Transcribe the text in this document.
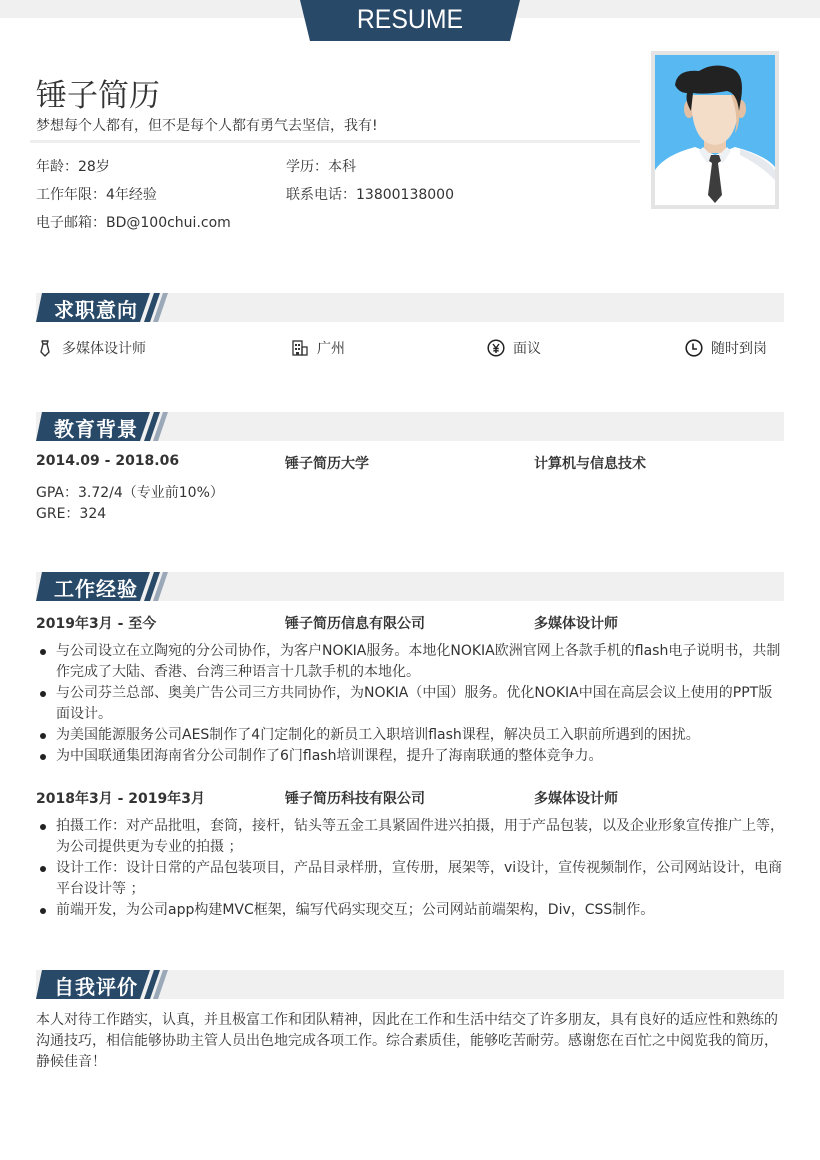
RESUME
锤子简历
梦想每个人都有，但不是每个人都有勇气去坚信，我有!
年龄：28岁	学历：本科
工作年限：4年经验	联系电话：13800138000
电子邮箱：BD@100chui.com
求职意向
多媒体设计师	广州	面议	随时到岗
教育背景
2014.09 - 2018.06	锤子简历大学	计算机与信息技术
GPA：3.72/4（专业前10%）
GRE：324
工作经验
2019年3月 - 至今	锤子简历信息有限公司	多媒体设计师
与公司设立在立陶宛的分公司协作，为客户NOKIA服务。本地化NOKIA欧洲官网上各款手机的flash电子说明书，共制作完成了大陆、香港、台湾三种语言十几款手机的本地化。
与公司芬兰总部、奥美广告公司三方共同协作，为NOKIA（中国）服务。优化NOKIA中国在高层会议上使用的PPT版面设计。
为美国能源服务公司AES制作了4门定制化的新员工入职培训flash课程，解决员工入职前所遇到的困扰。
为中国联通集团海南省分公司制作了6门flash培训课程，提升了海南联通的整体竞争力。
2018年3月 - 2019年3月	锤子简历科技有限公司	多媒体设计师
拍摄工作：对产品批咀，套筒，接杆，钻头等五金工具紧固件进兴拍摄，用于产品包装，以及企业形象宣传推广上等，为公司提供更为专业的拍摄 ；
设计工作：设计日常的产品包装项目，产品目录样册，宣传册，展架等，vi设计，宣传视频制作，公司网站设计，电商平台设计等 ；
前端开发，为公司app构建MVC框架，编写代码实现交互；公司网站前端架构，Div，CSS制作。
自我评价
本人对待工作踏实，认真，并且极富工作和团队精神，因此在工作和生活中结交了许多朋友，具有良好的适应性和熟练的沟通技巧，相信能够协助主管人员出色地完成各项工作。综合素质佳，能够吃苦耐劳。感谢您在百忙之中阅览我的简历，静候佳音！
